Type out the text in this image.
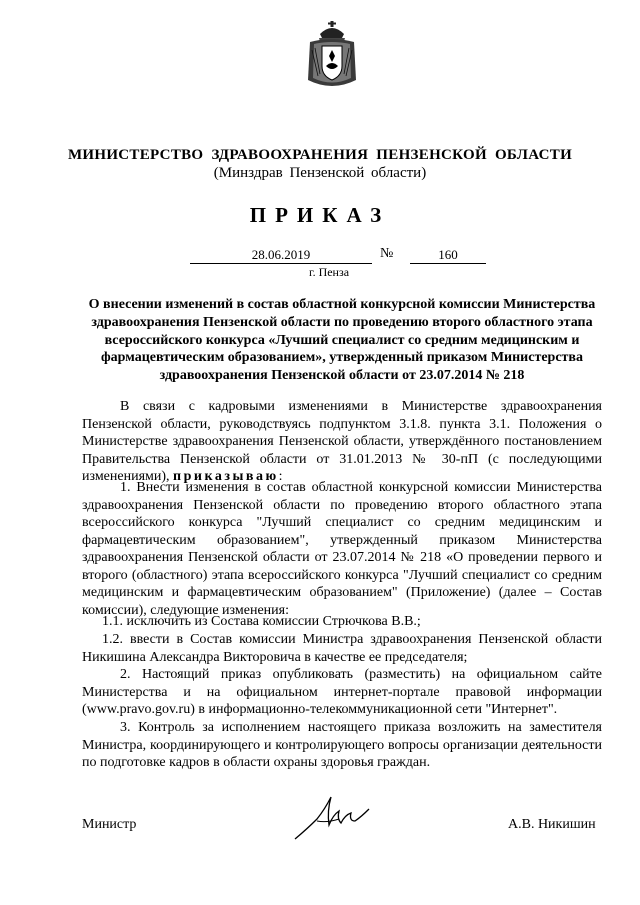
МИНИСТЕРСТВО ЗДРАВООХРАНЕНИЯ ПЕНЗЕНСКОЙ ОБЛАСТИ
(Минздрав Пензенской области)
ПРИКАЗ
28.06.2019	№	160
г. Пенза
О внесении изменений в состав областной конкурсной комиссии Министерства здравоохранения Пензенской области по проведению второго областного этапа всероссийского конкурса «Лучший специалист со средним медицинским и фармацевтическим образованием», утвержденный приказом Министерства здравоохранения Пензенской области от 23.07.2014 № 218
В связи с кадровыми изменениями в Министерстве здравоохранения Пензенской области, руководствуясь подпунктом 3.1.8. пункта 3.1. Положения о Министерстве здравоохранения Пензенской области, утверждённого постановлением Правительства Пензенской области от 31.01.2013 № 30-пП (с последующими изменениями), приказываю:
1. Внести изменения в состав областной конкурсной комиссии Министерства здравоохранения Пензенской области по проведению второго областного этапа всероссийского конкурса "Лучший специалист со средним медицинским и фармацевтическим образованием", утвержденный приказом Министерства здравоохранения Пензенской области от 23.07.2014 № 218 «О проведении первого и второго (областного) этапа всероссийского конкурса "Лучший специалист со средним медицинским и фармацевтическим образованием" (Приложение) (далее – Состав комиссии), следующие изменения:
1.1. исключить из Состава комиссии Стрючкова В.В.;
1.2. ввести в Состав комиссии Министра здравоохранения Пензенской области Никишина Александра Викторовича в качестве ее председателя;
2. Настоящий приказ опубликовать (разместить) на официальном сайте Министерства и на официальном интернет-портале правовой информации (www.pravo.gov.ru) в информационно-телекоммуникационной сети "Интернет".
3. Контроль за исполнением настоящего приказа возложить на заместителя Министра, координирующего и контролирующего вопросы организации деятельности по подготовке кадров в области охраны здоровья граждан.
Министр	А.В. Никишин
